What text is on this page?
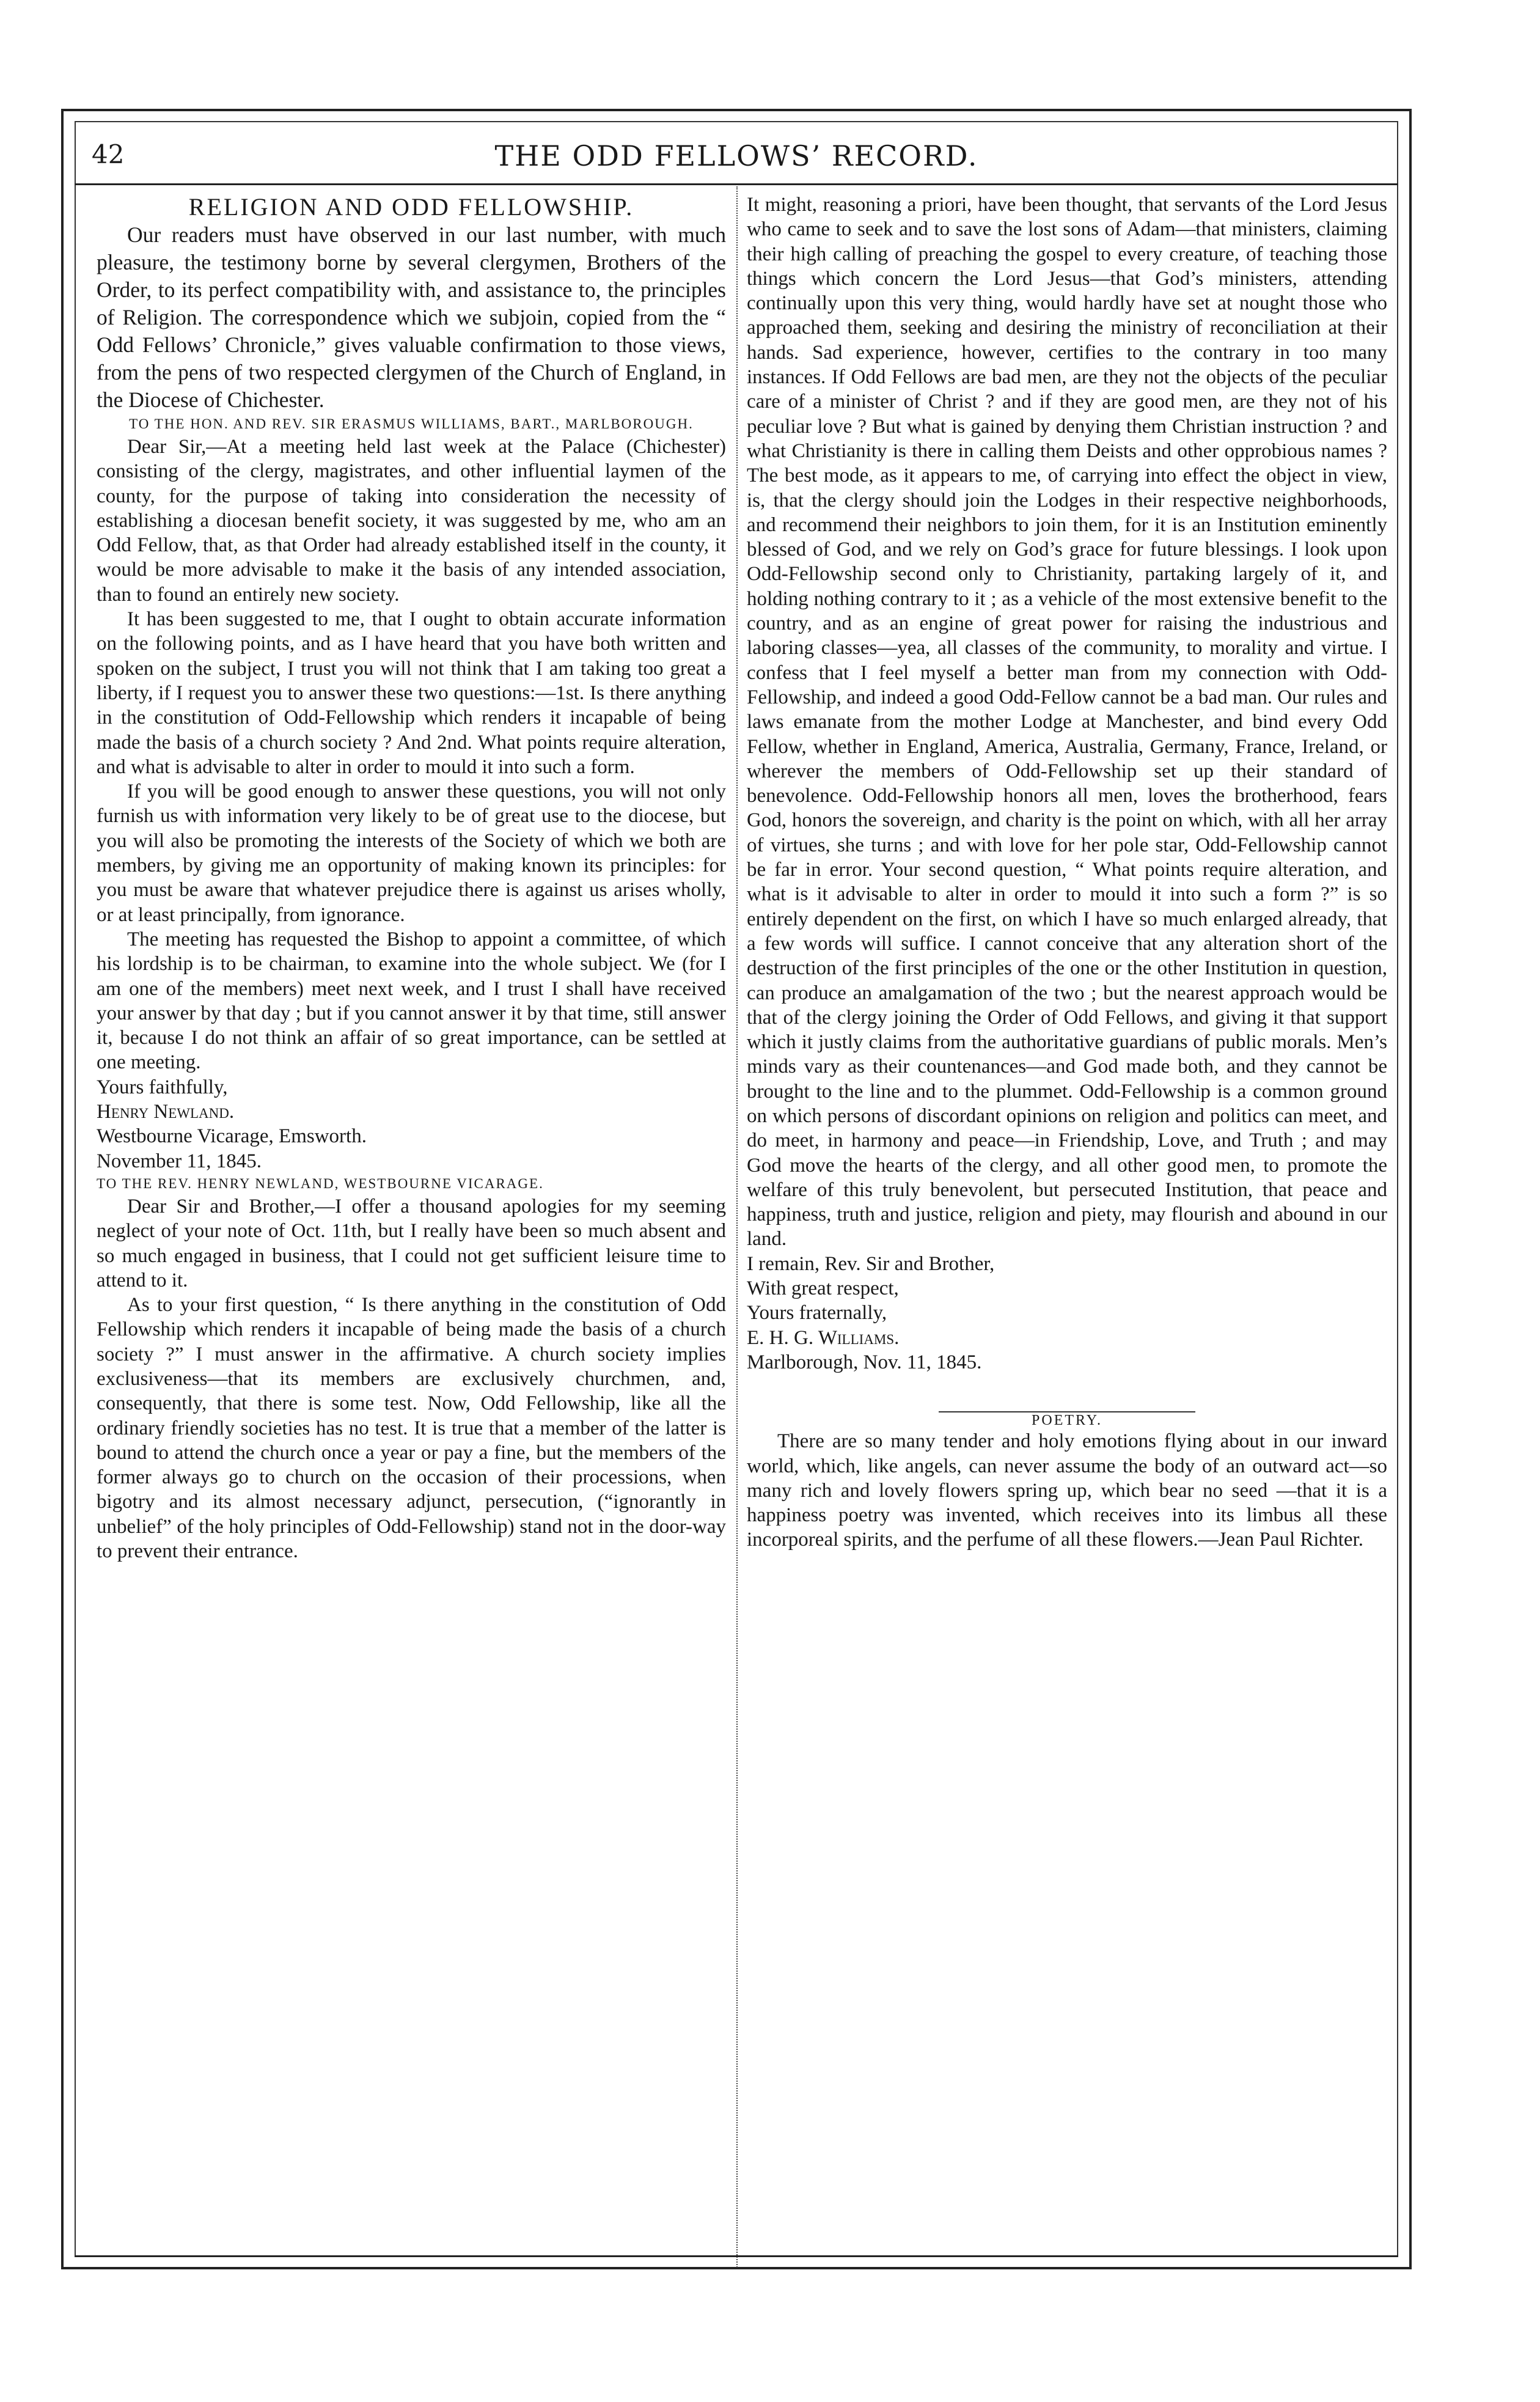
42	THE ODD FELLOWS’ RECORD.

RELIGION AND ODD FELLOWSHIP.

Our readers must have observed in our last number, with much pleasure, the testimony borne by several clergymen, Brothers of the Order, to its perfect compatibility with, and assistance to, the principles of Religion. The correspondence which we subjoin, copied from the “ Odd Fellows’ Chronicle,” gives valuable confirmation to those views, from the pens of two respected clergymen of the Church of England, in the Diocese of Chichester.

TO THE HON. AND REV. SIR ERASMUS WILLIAMS, BART., MARLBOROUGH.

Dear Sir,—At a meeting held last week at the Palace (Chichester) consisting of the clergy, magistrates, and other influential laymen of the county, for the purpose of taking into consideration the necessity of establishing a diocesan benefit society, it was suggested by me, who am an Odd Fellow, that, as that Order had already established itself in the county, it would be more advisable to make it the basis of any intended association, than to found an entirely new society.

It has been suggested to me, that I ought to obtain accurate information on the following points, and as I have heard that you have both written and spoken on the subject, I trust you will not think that I am taking too great a liberty, if I request you to answer these two questions:—1st. Is there anything in the constitution of Odd-Fellowship which renders it incapable of being made the basis of a church society ? And 2nd. What points require alteration, and what is advisable to alter in order to mould it into such a form.

If you will be good enough to answer these questions, you will not only furnish us with information very likely to be of great use to the diocese, but you will also be promoting the interests of the Society of which we both are members, by giving me an opportunity of making known its principles: for you must be aware that whatever prejudice there is against us arises wholly, or at least principally, from ignorance.

The meeting has requested the Bishop to appoint a committee, of which his lordship is to be chairman, to examine into the whole subject. We (for I am one of the members) meet next week, and I trust I shall have received your answer by that day ; but if you cannot answer it by that time, still answer it, because I do not think an affair of so great importance, can be settled at one meeting.

Yours faithfully,

Henry Newland.

Westbourne Vicarage, Emsworth.

November 11, 1845.

TO THE REV. HENRY NEWLAND, WESTBOURNE VICARAGE.

Dear Sir and Brother,—I offer a thousand apologies for my seeming neglect of your note of Oct. 11th, but I really have been so much absent and so much engaged in business, that I could not get sufficient leisure time to attend to it.

As to your first question, “ Is there anything in the constitution of Odd Fellowship which renders it incapable of being made the basis of a church society ?” I must answer in the affirmative. A church society implies exclusiveness—that its members are exclusively churchmen, and, consequently, that there is some test. Now, Odd Fellowship, like all the ordinary friendly societies has no test. It is true that a member of the latter is bound to attend the church once a year or pay a fine, but the members of the former always go to church on the occasion of their processions, when bigotry and its almost necessary adjunct, persecution, (“ignorantly in unbelief” of the holy principles of Odd-Fellowship) stand not in the door-way to prevent their entrance.

It might, reasoning a priori, have been thought, that servants of the Lord Jesus who came to seek and to save the lost sons of Adam—that ministers, claiming their high calling of preaching the gospel to every creature, of teaching those things which concern the Lord Jesus—that God’s ministers, attending continually upon this very thing, would hardly have set at nought those who approached them, seeking and desiring the ministry of reconciliation at their hands. Sad experience, however, certifies to the contrary in too many instances. If Odd Fellows are bad men, are they not the objects of the peculiar care of a minister of Christ ? and if they are good men, are they not of his peculiar love ? But what is gained by denying them Christian instruction ? and what Christianity is there in calling them Deists and other opprobious names ? The best mode, as it appears to me, of carrying into effect the object in view, is, that the clergy should join the Lodges in their respective neighborhoods, and recommend their neighbors to join them, for it is an Institution eminently blessed of God, and we rely on God’s grace for future blessings. I look upon Odd-Fellowship second only to Christianity, partaking largely of it, and holding nothing contrary to it ; as a vehicle of the most extensive benefit to the country, and as an engine of great power for raising the industrious and laboring classes—yea, all classes of the community, to morality and virtue. I confess that I feel myself a better man from my connection with Odd-Fellowship, and indeed a good Odd-Fellow cannot be a bad man. Our rules and laws emanate from the mother Lodge at Manchester, and bind every Odd Fellow, whether in England, America, Australia, Germany, France, Ireland, or wherever the members of Odd-Fellowship set up their standard of benevolence. Odd-Fellowship honors all men, loves the brotherhood, fears God, honors the sovereign, and charity is the point on which, with all her array of virtues, she turns ; and with love for her pole star, Odd-Fellowship cannot be far in error. Your second question, “ What points require alteration, and what is it advisable to alter in order to mould it into such a form ?” is so entirely dependent on the first, on which I have so much enlarged already, that a few words will suffice. I cannot conceive that any alteration short of the destruction of the first principles of the one or the other Institution in question, can produce an amalgamation of the two ; but the nearest approach would be that of the clergy joining the Order of Odd Fellows, and giving it that support which it justly claims from the authoritative guardians of public morals. Men’s minds vary as their countenances—and God made both, and they cannot be brought to the line and to the plummet. Odd-Fellowship is a common ground on which persons of discordant opinions on religion and politics can meet, and do meet, in harmony and peace—in Friendship, Love, and Truth ; and may God move the hearts of the clergy, and all other good men, to promote the welfare of this truly benevolent, but persecuted Institution, that peace and happiness, truth and justice, religion and piety, may flourish and abound in our land.

I remain, Rev. Sir and Brother,

With great respect,

Yours fraternally,

E. H. G. Williams.

Marlborough, Nov. 11, 1845.

POETRY.

There are so many tender and holy emotions flying about in our inward world, which, like angels, can never assume the body of an outward act—so many rich and lovely flowers spring up, which bear no seed —that it is a happiness poetry was invented, which receives into its limbus all these incorporeal spirits, and the perfume of all these flowers.—Jean Paul Richter.
